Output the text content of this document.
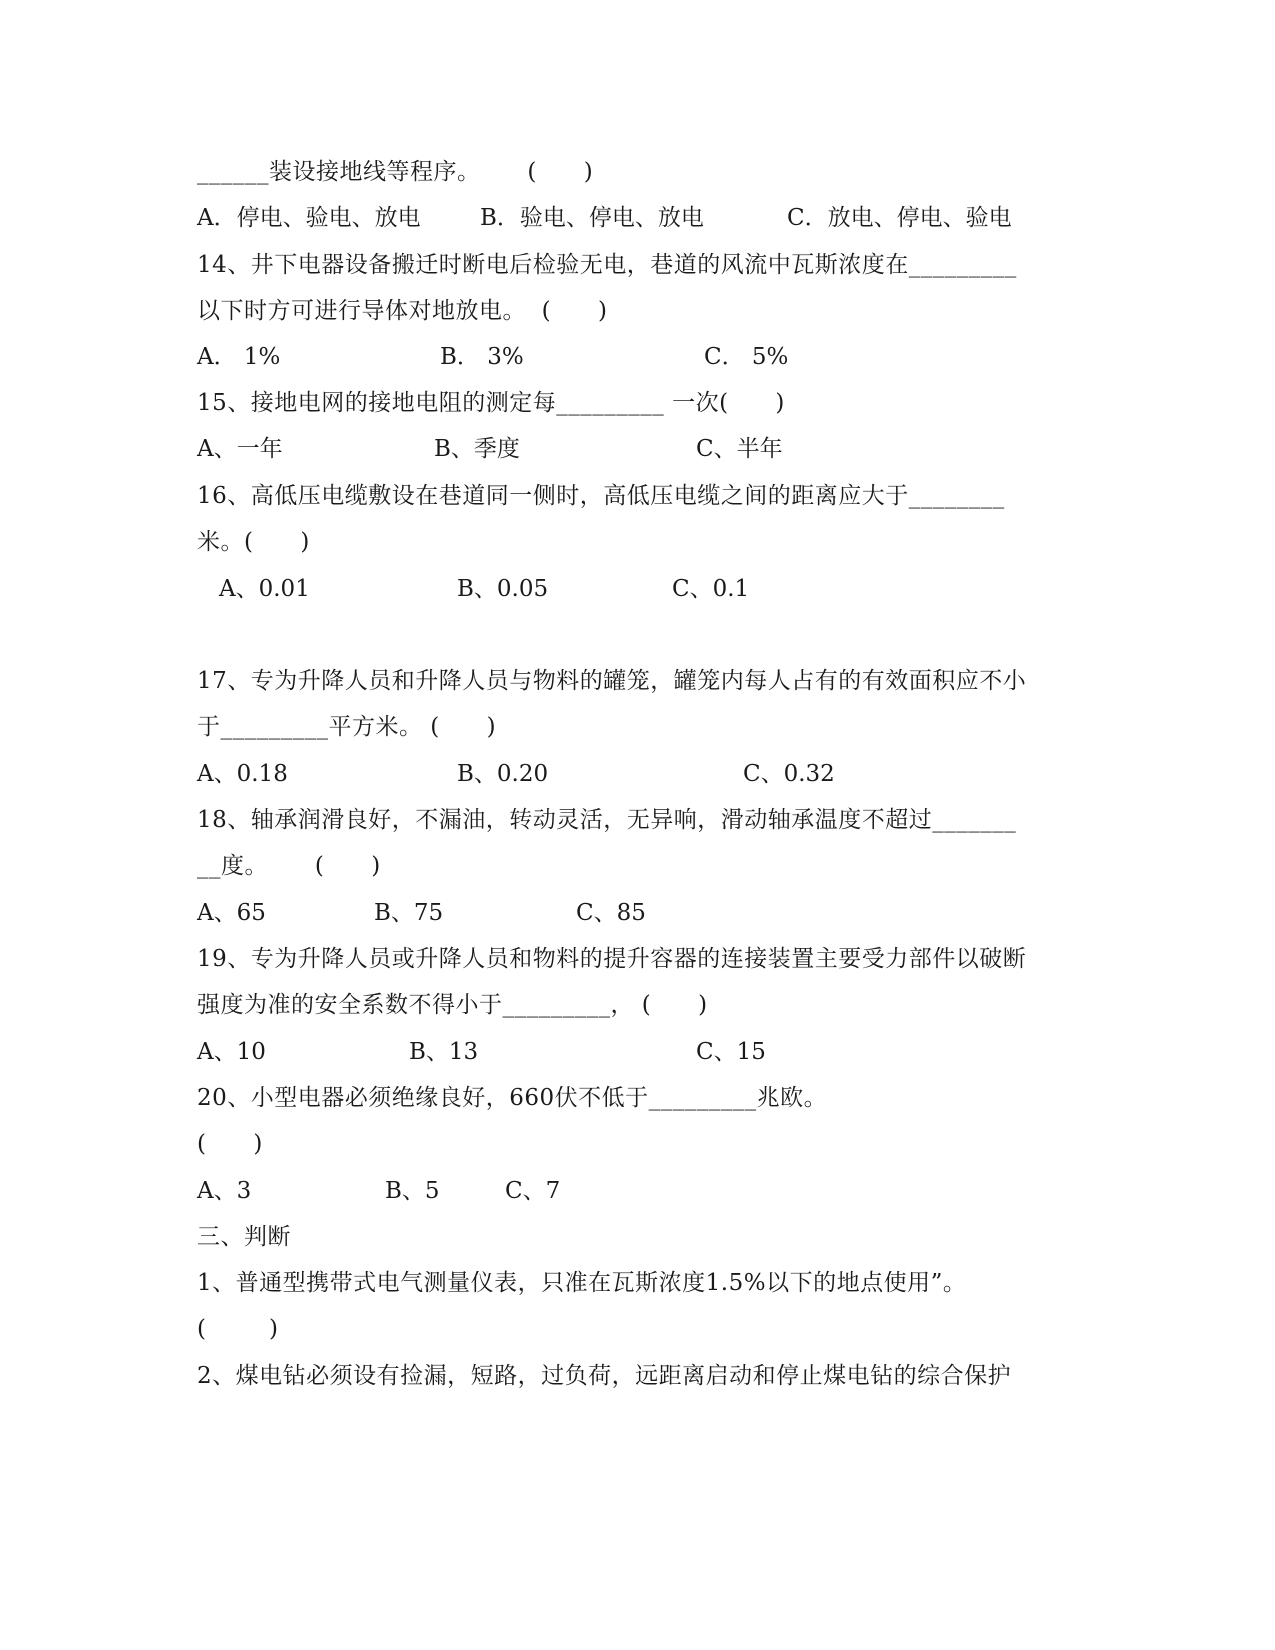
______装设接地线等程序。      (      )

A．停电、验电、放电

	B．验电、停电、放电

	C．放电、停电、验电

14、井下电器设备搬迁时断电后检验无电，巷道的风流中瓦斯浓度在_________
以下时方可进行导体对地放电。  (      )

A． 1%

	B． 3%

	C． 5%

15、接地电网的接地电阻的测定每_________ 一次(      )

A、一年

	B、季度

	C、半年

16、高低压电缆敷设在巷道同一侧时，高低压电缆之间的距离应大于________
米。(      )

A、0.01

	B、0.05

	C、0.1

17、专为升降人员和升降人员与物料的罐笼，罐笼内每人占有的有效面积应不小
于_________平方米。 (      )

A、0.18

	B、0.20

	C、0.32

18、轴承润滑良好，不漏油，转动灵活，无异响，滑动轴承温度不超过_______
__度。      (      )

A、65

	B、75

	C、85

19、专为升降人员或升降人员和物料的提升容器的连接装置主要受力部件以破断
强度为准的安全系数不得小于_________， (      )

A、10

	B、13

	C、15

20、小型电器必须绝缘良好，660伏不低于_________兆欧。
(      )

A、3

	B、5

	C、7

三、判断
1、普通型携带式电气测量仪表，只准在瓦斯浓度1.5%以下的地点使用”。
(        )
2、煤电钻必须设有捡漏，短路，过负荷，远距离启动和停止煤电钻的综合保护
